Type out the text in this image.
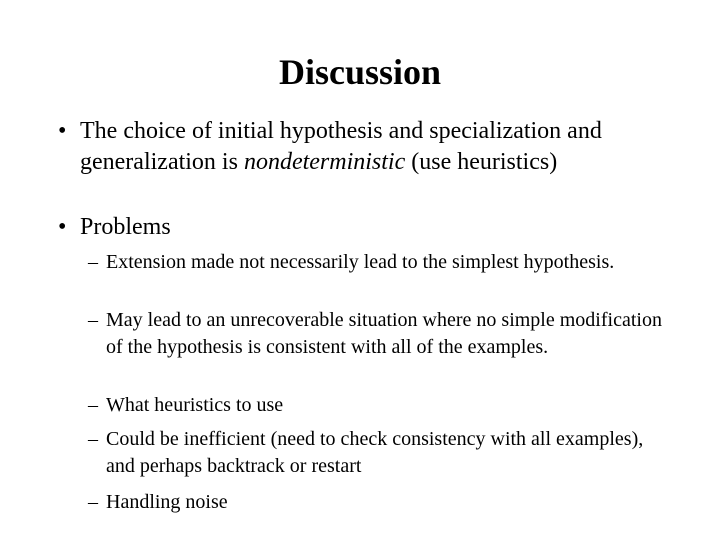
Discussion
• The choice of initial hypothesis and specialization and generalization is nondeterministic (use heuristics)
• Problems
– Extension made not necessarily lead to the simplest hypothesis.
– May lead to an unrecoverable situation where no simple modification of the hypothesis is consistent with all of the examples.
– What heuristics to use
– Could be inefficient (need to check consistency with all examples), and perhaps backtrack or restart
– Handling noise
